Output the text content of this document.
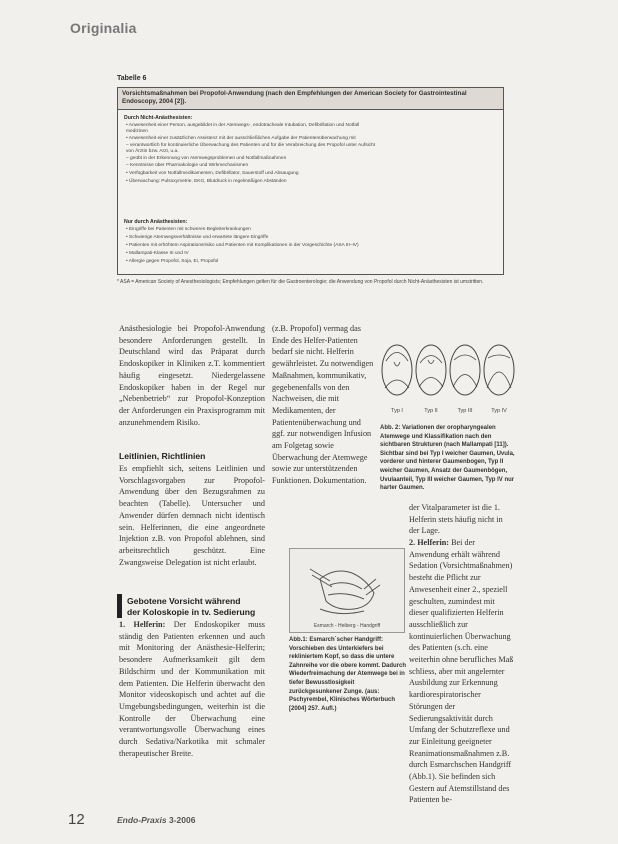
Originalia
Tabelle 6
Vorsichtsmaßnahmen bei Propofol-Anwendung (nach den Empfehlungen der American Society for Gastrointestinal Endoscopy, 2004 [2]).
Durch Nicht-Anästhesisten:
• Anwesenheit einer Person, ausgebildet in der Atemwegs-, endotracheale Intubation, Defibrillation und Notfall
medizinen
• Anwesenheit einer zusätzlichen Assistenz mit der ausschließlichen Aufgabe der Patientenüberwachung mit
– verantwortlich für kontinuierliche Überwachung des Patienten und für die Verabreichung des Propofol unter Aufsicht
von Ärztin bzw. Arzt, u.a.
– geübt in der Erkennung von Atemwegsproblemen und Notfallmaßnahmen
– Kenntnisse über Pharmakologie und Wirkmechanismen
• Verfügbarkeit von Notfallmedikamenten, Defibrillator, Sauerstoff und Absaugung
• Überwachung: Pulsoxymetrie, EKG, Blutdruck in regelmäßigen Abständen
Nur durch Anästhesisten:
• Eingriffe bei Patienten mit schweren Begleiterkrankungen
• Schwierige Atemwegsverhältnisse und erwartete längere Eingriffe
• Patienten mit erhöhtem Aspirationsrisiko und Patienten mit Komplikationen in der Vorgeschichte (ASA III–IV)
• Mallampati-Klasse III und IV
• Allergie gegen Propofol, Soja, Ei, Propofol
* ASA = American Society of Anesthesiologists; Empfehlungen gelten für die Gastroenterologie; die Anwendung von Propofol durch Nicht-Anästhesisten ist umstritten.
Anästhesiologie bei Propofol-Anwendung besondere Anforderungen gestellt. In Deutschland wird das Präparat durch Endoskopiker in Kliniken z.T. kommentiert häufig eingesetzt. Niedergelassene Endoskopiker haben in der Regel nur „Nebenbetrieb“ zur Propofol-Konzeption der Anforderungen ein Praxisprogramm mit anzunehmendem Risiko.
Leitlinien, Richtlinien
Es empfiehlt sich, seitens Leitlinien und Vorschlagsvorgaben zur Propofol-Anwendung über den Bezugsrahmen zu beachten (Tabelle). Untersucher und Anwender dürfen demnach nicht identisch sein. Helferinnen, die eine angeordnete Injektion z.B. von Propofol ablehnen, sind arbeitsrechtlich geschützt. Eine Zwangsweise Delegation ist nicht erlaubt.
Gebotene Vorsicht während
der Koloskopie in tv. Sedierung
1. Helferin: Der Endoskopiker muss ständig den Patienten erkennen und auch mit Monitoring der Anästhesie-Helferin; besondere Aufmerksamkeit gilt dem Bildschirm und der Kommunikation mit dem Patienten. Die Helferin überwacht den Monitor videoskopisch und achtet auf die Umgebungsbedingungen, weiterhin ist die Kontrolle der Überwachung eine verantwortungsvolle Überwachung eines durch Sedativa/Narkotika mit schmaler therapeutischer Breite.
(z.B. Propofol) vermag das Ende des Helfer-Patienten bedarf sie nicht. Helferin gewährleistet. Zu notwendigen Maßnahmen, kommunikativ, gegebenenfalls von den Nachweisen, die mit Medikamenten, der Patientenüberwachung und ggf. zur notwendigen Infusion am Folgetag sowie Überwachung der Atemwege sowie zur unterstützenden Funktionen. Dokumentation.
Typ I	Typ II	Typ III	Typ IV
Abb. 2: Variationen der oropharyngealen Atemwege und Klassifikation nach den sichtbaren Strukturen (nach Mallampati [11]). Sichtbar sind bei Typ I weicher Gaumen, Uvula, vorderer und hinterer Gaumenbogen, Typ II weicher Gaumen, Ansatz der Gaumenbögen, Uvulaanteil, Typ III weicher Gaumen, Typ IV nur harter Gaumen.
der Vitalparameter ist die 1. Helferin stets häufig nicht in der Lage.
2. Helferin: Bei der Anwendung erhält während Sedation (Vorsichtmaßnahmen) besteht die Pflicht zur Anwesenheit einer 2., speziell geschulten, zumindest mit dieser qualifizierten Helferin ausschließlich zur kontinuierlichen Überwachung des Patienten (s.ch. eine weiterhin ohne berufliches Maß schliess, aber mit angelernter Ausbildung zur Erkennung kardiorespiratorischer Störungen der Sedierungsaktivität durch Umfang der Schutzreflexe und zur Einleitung geeigneter Reanimationsmaßnahmen z.B. durch Esmarchschen Handgriff (Abb.1). Sie befinden sich Gestern auf Atemstillstand des Patienten be-
Esmarch - Heiberg - Handgriff
Abb.1: Esmarch´scher Handgriff: Vorschieben des Unterkiefers bei rekliniertem Kopf, so dass die untere Zahnreihe vor die obere kommt. Dadurch Wiederfreimachung der Atemwege bei in tiefer Bewusstlosigkeit zurückgesunkener Zunge. (aus: Pschyrembel, Klinisches Wörterbuch [2004] 257. Aufl.)
12	Endo-Praxis 3-2006
